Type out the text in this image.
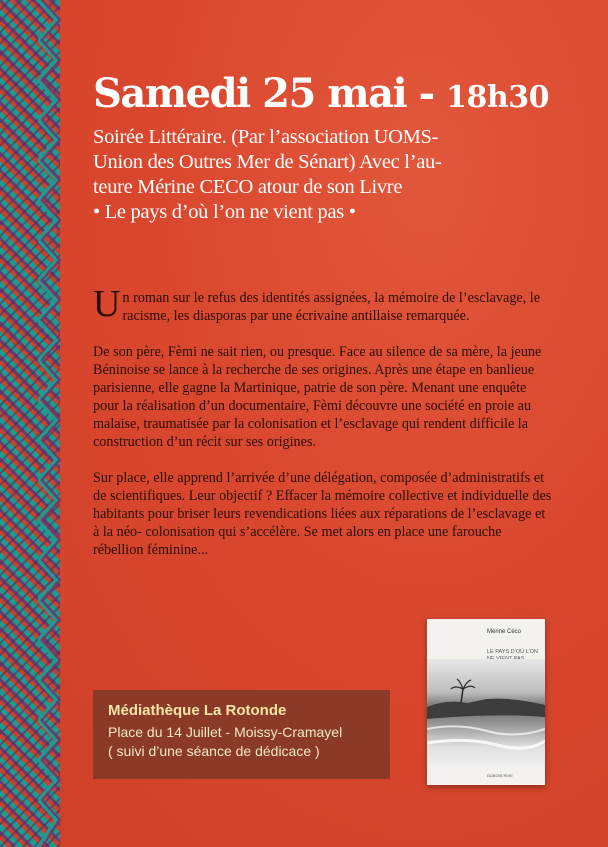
Samedi 25 mai - 18h30
Soirée Littéraire. (Par l’association UOMS-
Union des Outres Mer de Sénart) Avec l’au-
teure Mérine CECO atour de son Livre
• Le pays d’où l’on ne vient pas •

Un roman sur le refus des identités assignées, la mémoire de l’esclavage, le racisme, les diasporas par une écrivaine antillaise remarquée.

De son père, Fèmi ne sait rien, ou presque. Face au silence de sa mère, la jeune Béninoise se lance à la recherche de ses origines. Après une étape en banlieue parisienne, elle gagne la Martinique, patrie de son père. Menant une enquête pour la réalisation d’un documentaire, Fèmi découvre une société en proie au malaise, traumatisée par la colonisation et l’esclavage qui rendent difficile la construction d’un récit sur ses origines.

Sur place, elle apprend l’arrivée d’une délégation, composée d’administratifs et de scientifiques. Leur objectif ? Effacer la mémoire collective et individuelle des habitants pour briser leurs revendications liées aux réparations de l’esclavage et à la néo- colonisation qui s’accélère. Se met alors en place une farouche rébellion féminine...

Mérine Céco
LE PAYS D’OÙ L’ON
DUBOIS RIVE

Médiathèque La Rotonde

Place du 14 Juillet - Moissy-Cramayel

( suivi d’une séance de dédicace )
